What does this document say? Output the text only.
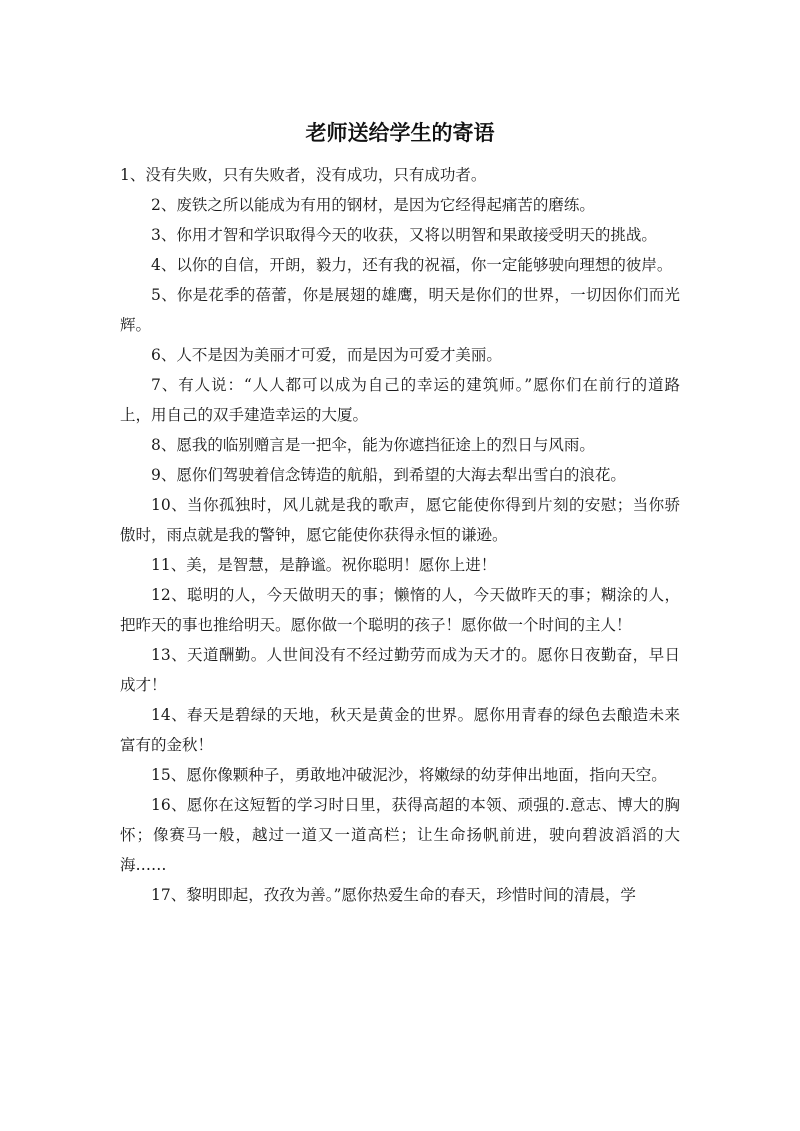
老师送给学生的寄语

1、没有失败，只有失败者，没有成功，只有成功者。

2、废铁之所以能成为有用的钢材，是因为它经得起痛苦的磨练。

3、你用才智和学识取得今天的收获，又将以明智和果敢接受明天的挑战。

4、以你的自信，开朗，毅力，还有我的祝福，你一定能够驶向理想的彼岸。

5、你是花季的蓓蕾，你是展翅的雄鹰，明天是你们的世界，一切因你们而光辉。

6、人不是因为美丽才可爱，而是因为可爱才美丽。

7、有人说：“人人都可以成为自己的幸运的建筑师。”愿你们在前行的道路上，用自己的双手建造幸运的大厦。

8、愿我的临别赠言是一把伞，能为你遮挡征途上的烈日与风雨。

9、愿你们驾驶着信念铸造的航船，到希望的大海去犁出雪白的浪花。

10、当你孤独时，风儿就是我的歌声，愿它能使你得到片刻的安慰；当你骄傲时，雨点就是我的警钟，愿它能使你获得永恒的谦逊。

11、美，是智慧，是静谧。祝你聪明！愿你上进！

12、聪明的人，今天做明天的事；懒惰的人，今天做昨天的事；糊涂的人，把昨天的事也推给明天。愿你做一个聪明的孩子！愿你做一个时间的主人！

13、天道酬勤。人世间没有不经过勤劳而成为天才的。愿你日夜勤奋，早日成才！

14、春天是碧绿的天地，秋天是黄金的世界。愿你用青春的绿色去酿造未来富有的金秋！

15、愿你像颗种子，勇敢地冲破泥沙，将嫩绿的幼芽伸出地面，指向天空。

16、愿你在这短暂的学习时日里，获得高超的本领、顽强的.意志、博大的胸怀；像赛马一般，越过一道又一道高栏；让生命扬帆前进，驶向碧波滔滔的大海……

17、黎明即起，孜孜为善。”愿你热爱生命的春天，珍惜时间的清晨，学
